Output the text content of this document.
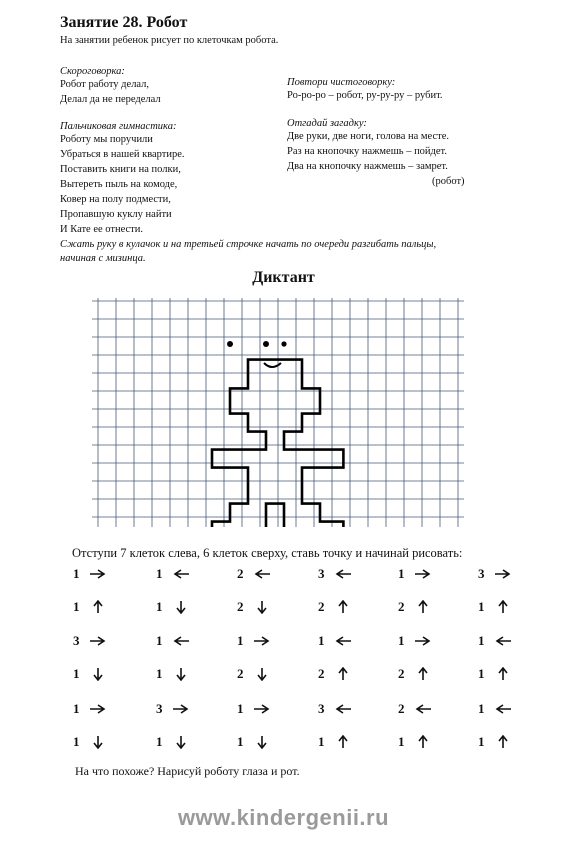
Занятие 28. Робот
На занятии ребенок рисует по клеточкам робота.
Скороговорка:
Робот работу делал,
Делал да не переделал
Повтори чистоговорку:
Ро-ро-ро – робот, ру-ру-ру – рубит.
Пальчиковая гимнастика:
Роботу мы поручили
Убраться в нашей квартире.
Поставить книги на полки,
Вытереть пыль на комоде,
Ковер на полу подмести,
Пропавшую куклу найти
И Кате ее отнести.
Отгадай загадку:
Две руки, две ноги, голова на месте.
Раз на кнопочку нажмешь – пойдет.
Два на кнопочку нажмешь – замрет.
(робот)
Сжать руку в кулачок и на третьей строчке начать по очереди разгибать пальцы,
начиная с мизинца.
Диктант
Отступи 7 клеток слева, 6 клеток сверху, ставь точку и начинай рисовать:
1
1
3
1
1
1
1
1
1
1
3
1
2
2
1
2
1
1
3
2
1
2
3
1
1
2
1
2
2
1
3
1
1
1
1
1
На что похоже? Нарисуй роботу глаза и рот.
www.kindergenii.ru
